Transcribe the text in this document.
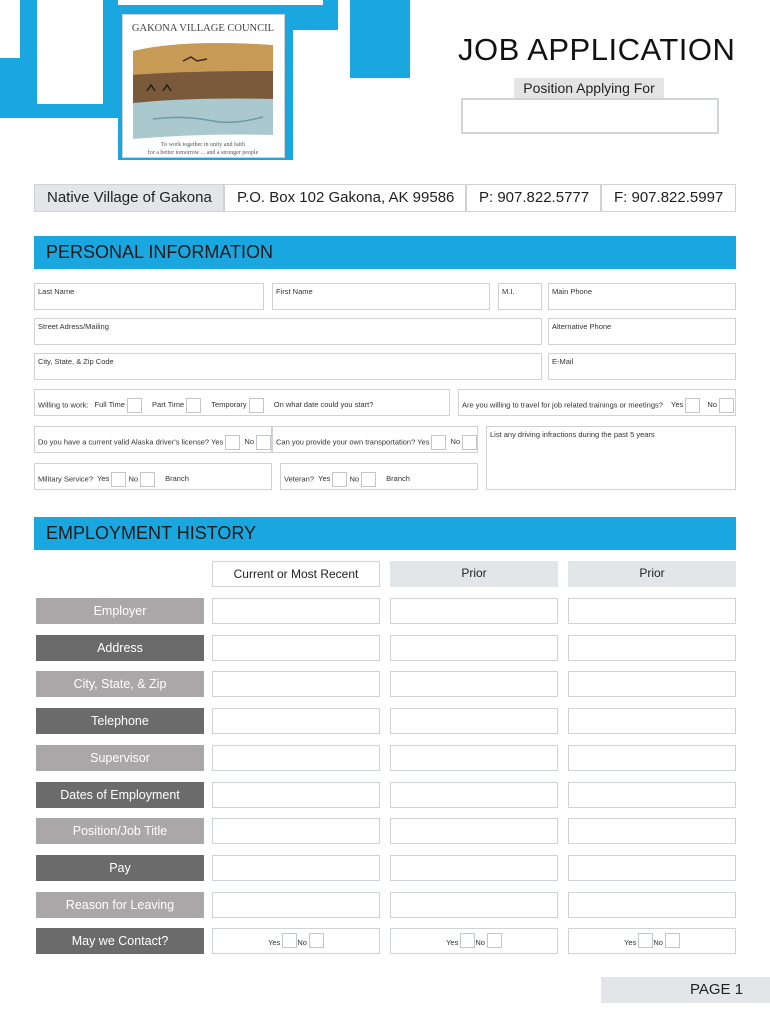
GAKONA VILLAGE COUNCIL
To work together in unity and faith
for a better tomorrow ... and a stronger people
JOB APPLICATION
Position Applying For
Native Village of Gakona	P.O. Box 102 Gakona, AK 99586	P: 907.822.5777	F: 907.822.5997
PERSONAL INFORMATION
Last Name	First Name	M.I.	Main Phone
Street Adress/Mailing	Alternative Phone
City, State, & Zip Code	E-Mail
Willing to work: Full Time	Part Time	Temporary	On what date could you start?	Are you willing to travel for job related trainings or meetings? Yes	No
Do you have a current valid Alaska driver's license? Yes	No	Can you provide your own transportation? Yes	No
List any driving infractions during the past 5 years
Military Service? Yes	No	Branch	Veteran? Yes	No	Branch
EMPLOYMENT HISTORY
Current or Most Recent	Prior	Prior
Employer
Address
City, State, & Zip
Telephone
Supervisor
Dates of Employment
Position/Job Title
Pay
Reason for Leaving
May we Contact?	Yes No	Yes No	Yes No
PAGE 1
